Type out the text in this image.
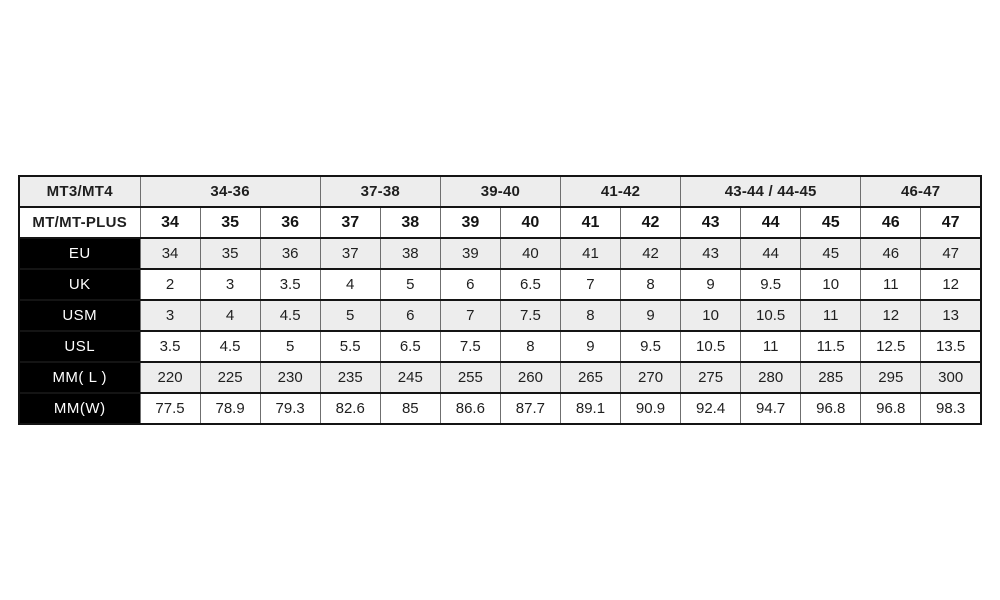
MT3/MT4	34-36			37-38		39-40		41-42		43-44 / 44-45			46-47	
MT/MT-PLUS	34	35	36	37	38	39	40	41	42	43	44	45	46	47
EU	34	35	36	37	38	39	40	41	42	43	44	45	46	47
UK	2	3	3.5	4	5	6	6.5	7	8	9	9.5	10	11	12
USM	3	4	4.5	5	6	7	7.5	8	9	10	10.5	11	12	13
USL	3.5	4.5	5	5.5	6.5	7.5	8	9	9.5	10.5	11	11.5	12.5	13.5
MM( L )	220	225	230	235	245	255	260	265	270	275	280	285	295	300
MM(W)	77.5	78.9	79.3	82.6	85	86.6	87.7	89.1	90.9	92.4	94.7	96.8	96.8	98.3
